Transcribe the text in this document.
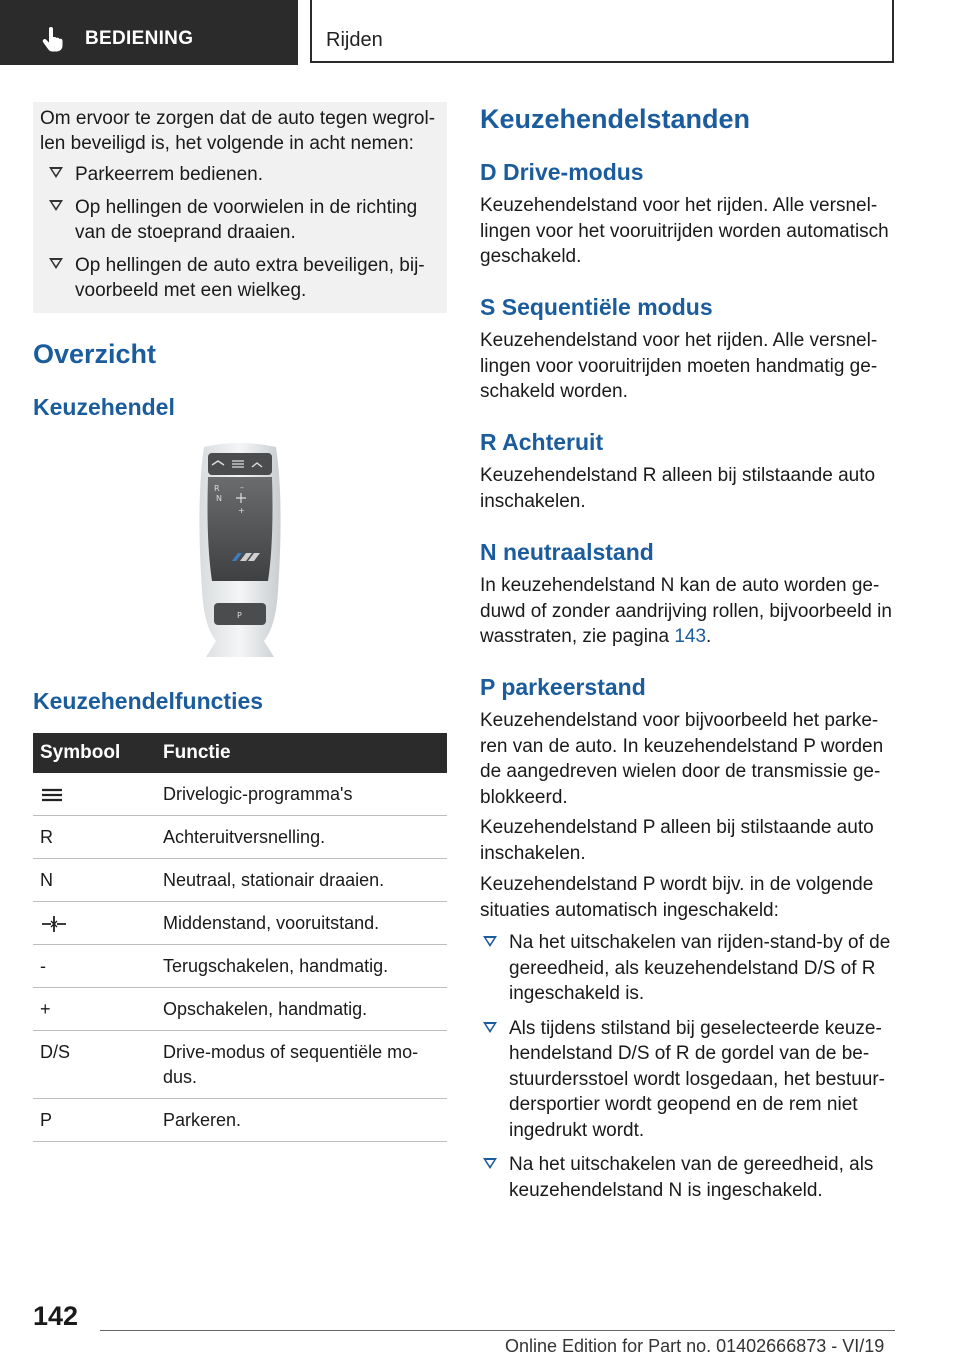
BEDIENING	Rijden

Om ervoor te zorgen dat de auto tegen wegrollen beveiligd is, het volgende in acht nemen:

Parkeerrem bedienen.
Op hellingen de voorwielen in de richting van de stoeprand draaien.
Op hellingen de auto extra beveiligen, bijvoorbeeld met een wielkeg.
Overzicht
Keuzehendel
R	–
N
+
P
Keuzehendelfuncties
Symbool	Functie
	Drivelogic-programma's
R	Achteruitversnelling.
N	Neutraal, stationair draaien.
	Middenstand, vooruitstand.
-	Terugschakelen, handmatig.
+	Opschakelen, handmatig.
D/S	Drive-modus of sequentiële modus.
P	Parkeren.
Keuzehendelstanden
D Drive-modus

Keuzehendelstand voor het rijden. Alle versnellingen voor het vooruitrijden worden automatisch geschakeld.

S Sequentiële modus

Keuzehendelstand voor het rijden. Alle versnellingen voor vooruitrijden moeten handmatig geschakeld worden.

R Achteruit

Keuzehendelstand R alleen bij stilstaande auto inschakelen.

N neutraalstand

In keuzehendelstand N kan de auto worden geduwd of zonder aandrijving rollen, bijvoorbeeld in wasstraten, zie pagina 143.

P parkeerstand

Keuzehendelstand voor bijvoorbeeld het parkeren van de auto. In keuzehendelstand P worden de aangedreven wielen door de transmissie geblokkeerd.

Keuzehendelstand P alleen bij stilstaande auto inschakelen.

Keuzehendelstand P wordt bijv. in de volgende situaties automatisch ingeschakeld:

Na het uitschakelen van rijden-stand-by of de gereedheid, als keuzehendelstand D/S of R ingeschakeld is.
Als tijdens stilstand bij geselecteerde keuzehendelstand D/S of R de gordel van de bestuurdersstoel wordt losgedaan, het bestuurdersportier wordt geopend en de rem niet ingedrukt wordt.
Na het uitschakelen van de gereedheid, als keuzehendelstand N is ingeschakeld.
142
Online Edition for Part no. 01402666873 - VI/19
